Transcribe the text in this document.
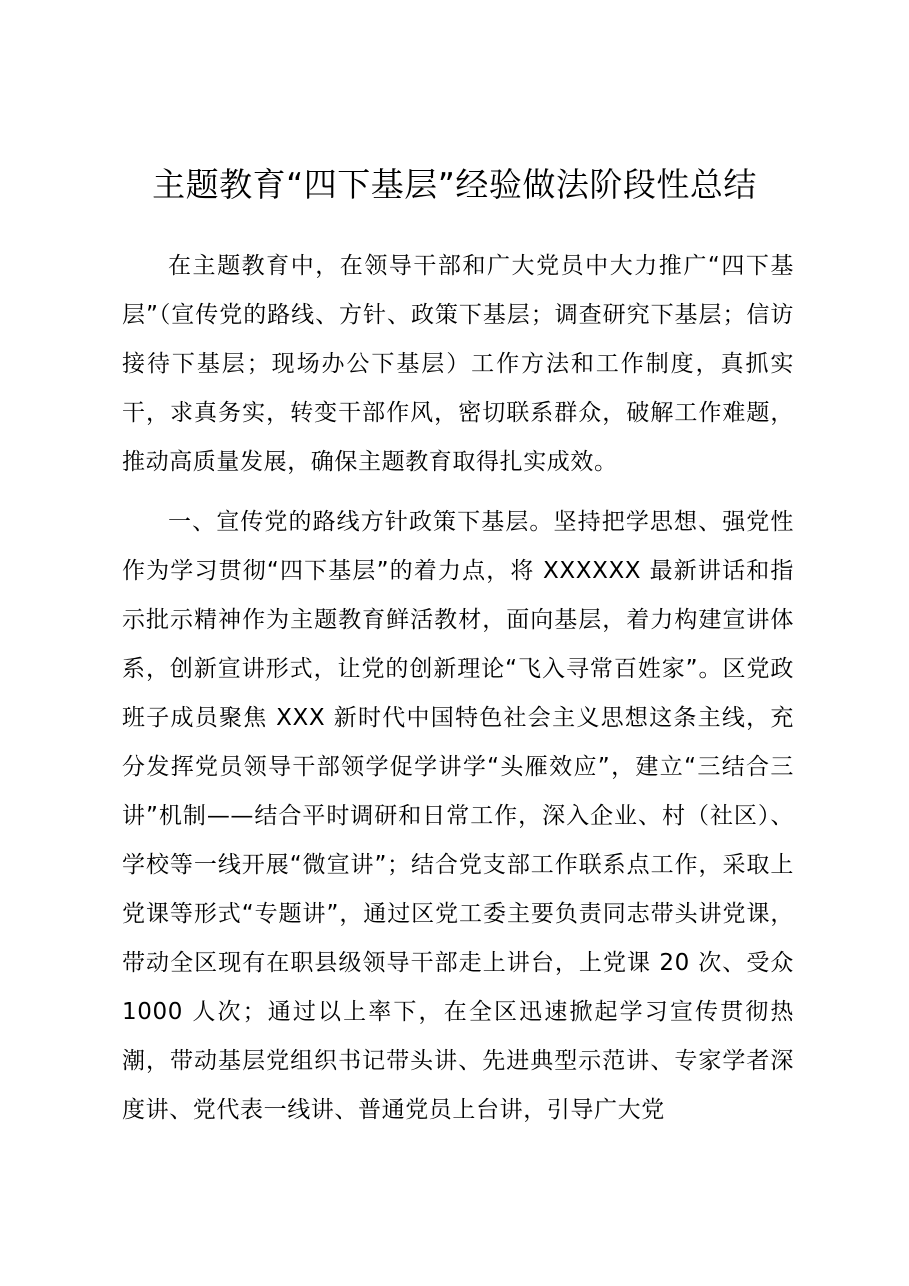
主题教育“四下基层”经验做法阶段性总结

在主题教育中，在领导干部和广大党员中大力推广“四下基层”（宣传党的路线、方针、政策下基层；调查研究下基层；信访接待下基层；现场办公下基层）工作方法和工作制度，真抓实干，求真务实，转变干部作风，密切联系群众，破解工作难题，推动高质量发展，确保主题教育取得扎实成效。

一、宣传党的路线方针政策下基层。坚持把学思想、强党性作为学习贯彻“四下基层”的着力点，将 XXXXXX 最新讲话和指示批示精神作为主题教育鲜活教材，面向基层，着力构建宣讲体系，创新宣讲形式，让党的创新理论“飞入寻常百姓家”。区党政班子成员聚焦 XXX 新时代中国特色社会主义思想这条主线，充分发挥党员领导干部领学促学讲学“头雁效应”，建立“三结合三讲”机制——结合平时调研和日常工作，深入企业、村（社区）、学校等一线开展“微宣讲”；结合党支部工作联系点工作，采取上党课等形式“专题讲”，通过区党工委主要负责同志带头讲党课，带动全区现有在职县级领导干部走上讲台，上党课 20 次、受众 1000 人次；通过以上率下，在全区迅速掀起学习宣传贯彻热潮，带动基层党组织书记带头讲、先进典型示范讲、专家学者深度讲、党代表一线讲、普通党员上台讲，引导广大党
